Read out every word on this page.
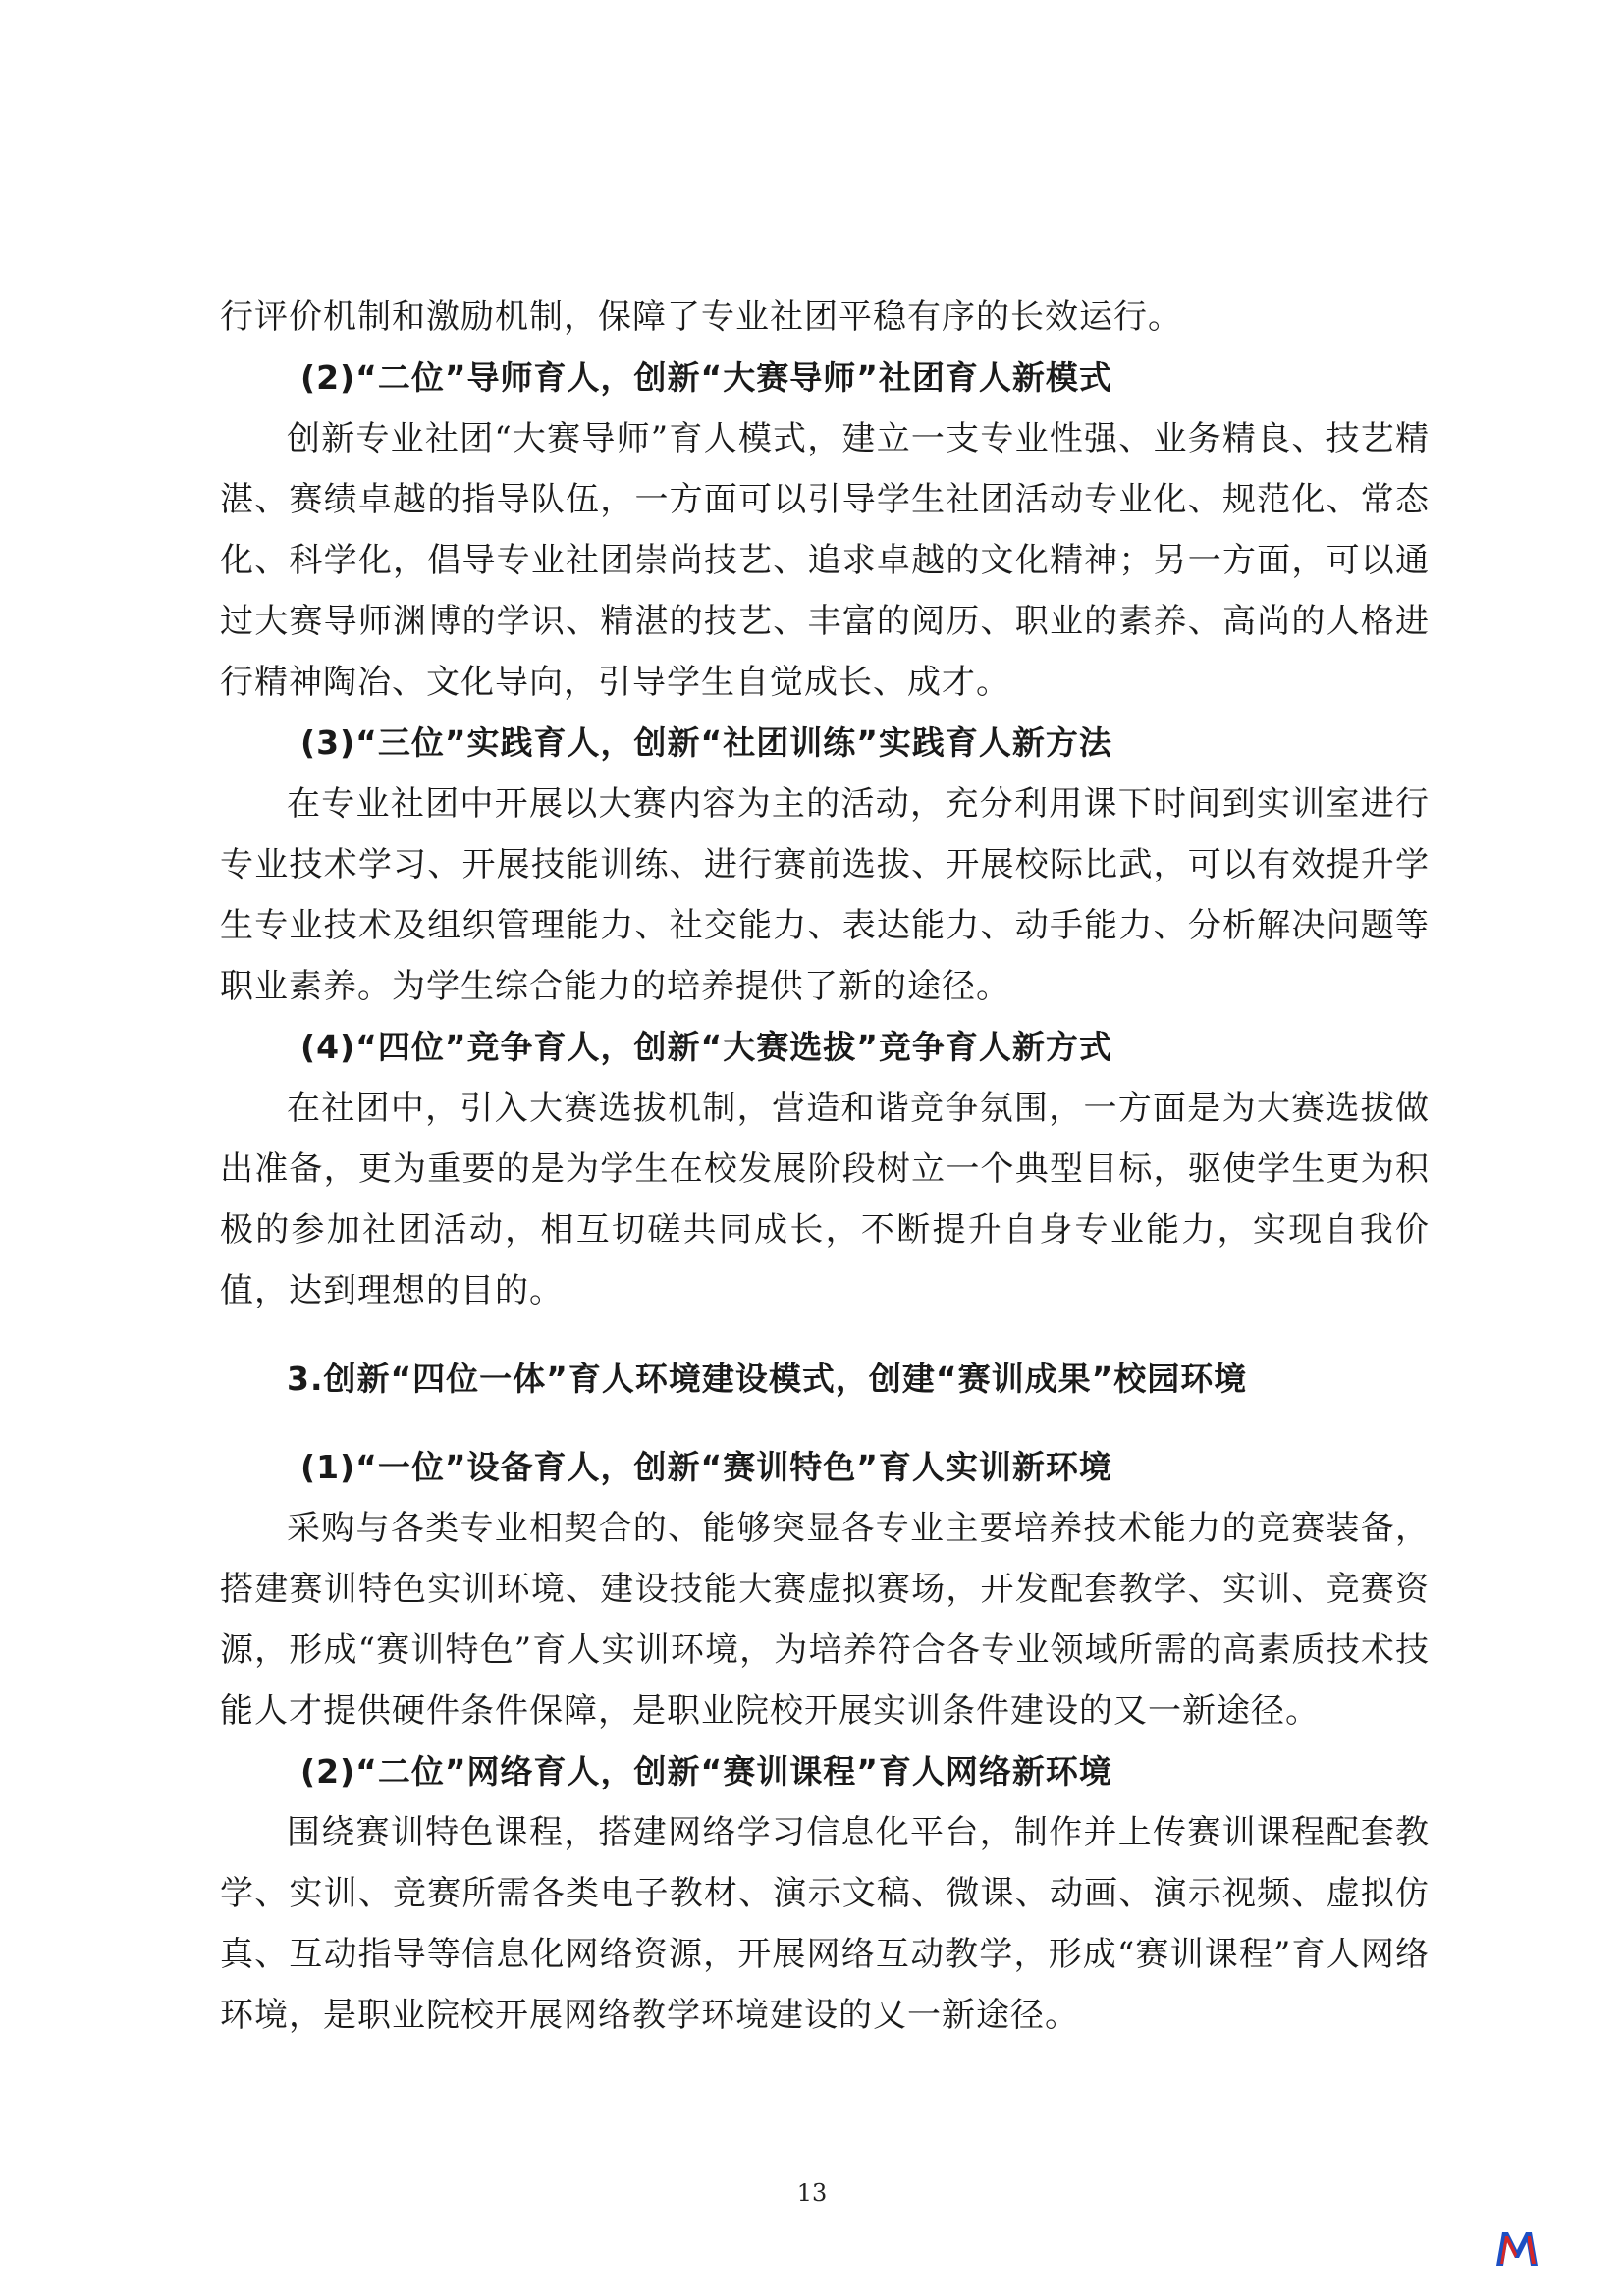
行评价机制和激励机制，保障了专业社团平稳有序的长效运行。

(2)“二位”导师育人，创新“大赛导师”社团育人新模式

创新专业社团“大赛导师”育人模式，建立一支专业性强、业务精良、技艺精湛、赛绩卓越的指导队伍，一方面可以引导学生社团活动专业化、规范化、常态化、科学化，倡导专业社团崇尚技艺、追求卓越的文化精神；另一方面，可以通过大赛导师渊博的学识、精湛的技艺、丰富的阅历、职业的素养、高尚的人格进行精神陶冶、文化导向，引导学生自觉成长、成才。

(3)“三位”实践育人，创新“社团训练”实践育人新方法

在专业社团中开展以大赛内容为主的活动，充分利用课下时间到实训室进行专业技术学习、开展技能训练、进行赛前选拔、开展校际比武，可以有效提升学生专业技术及组织管理能力、社交能力、表达能力、动手能力、分析解决问题等职业素养。为学生综合能力的培养提供了新的途径。

(4)“四位”竞争育人，创新“大赛选拔”竞争育人新方式

在社团中，引入大赛选拔机制，营造和谐竞争氛围，一方面是为大赛选拔做出准备，更为重要的是为学生在校发展阶段树立一个典型目标，驱使学生更为积极的参加社团活动，相互切磋共同成长，不断提升自身专业能力，实现自我价值，达到理想的目的。

3.创新“四位一体”育人环境建设模式，创建“赛训成果”校园环境

(1)“一位”设备育人，创新“赛训特色”育人实训新环境

采购与各类专业相契合的、能够突显各专业主要培养技术能力的竞赛装备，搭建赛训特色实训环境、建设技能大赛虚拟赛场，开发配套教学、实训、竞赛资源，形成“赛训特色”育人实训环境，为培养符合各专业领域所需的高素质技术技能人才提供硬件条件保障，是职业院校开展实训条件建设的又一新途径。

(2)“二位”网络育人，创新“赛训课程”育人网络新环境

围绕赛训特色课程，搭建网络学习信息化平台，制作并上传赛训课程配套教学、实训、竞赛所需各类电子教材、演示文稿、微课、动画、演示视频、虚拟仿真、互动指导等信息化网络资源，开展网络互动教学，形成“赛训课程”育人网络环境，是职业院校开展网络教学环境建设的又一新途径。

13
